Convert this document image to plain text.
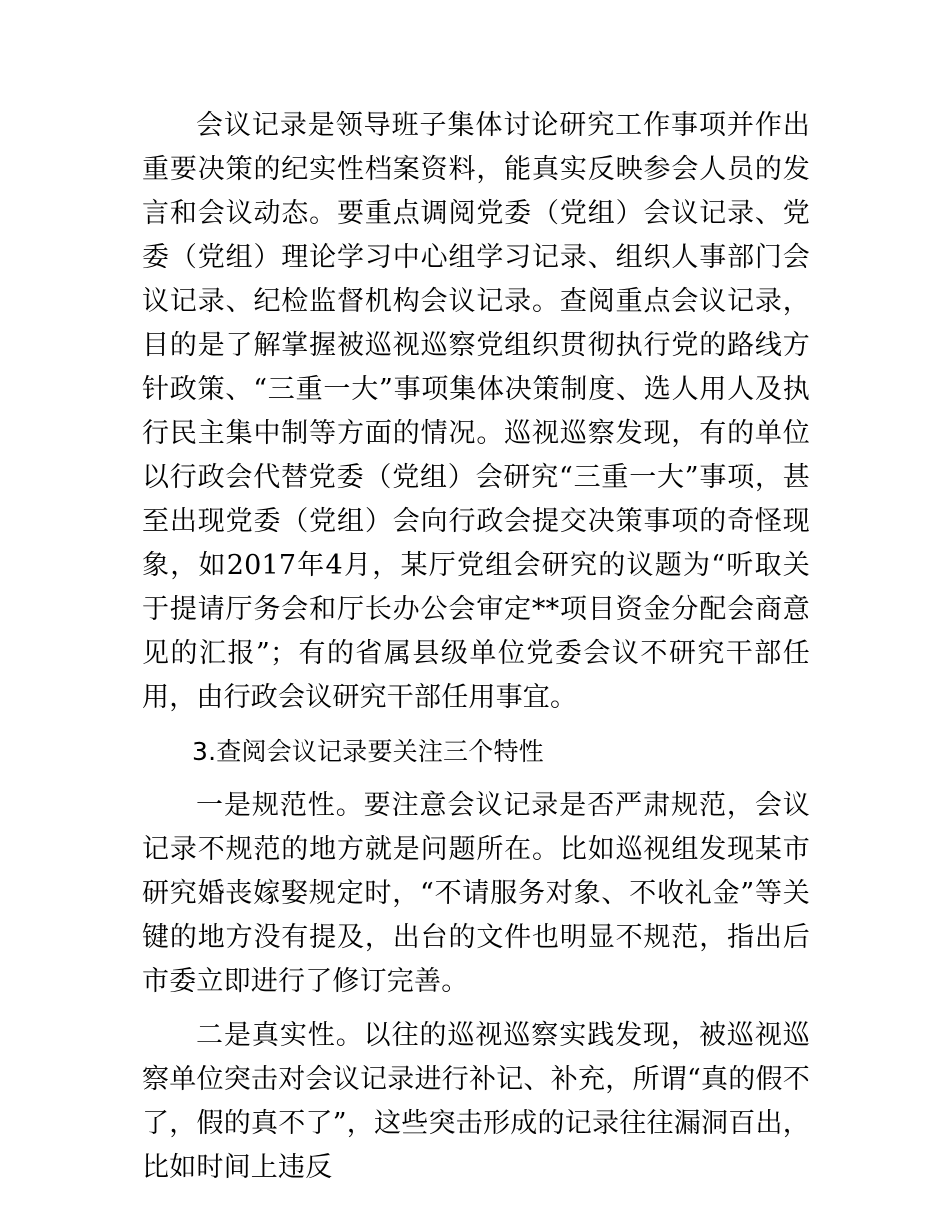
会议记录是领导班子集体讨论研究工作事项并作出重要决策的纪实性档案资料，能真实反映参会人员的发言和会议动态。要重点调阅党委（党组）会议记录、党委（党组）理论学习中心组学习记录、组织人事部门会议记录、纪检监督机构会议记录。查阅重点会议记录，目的是了解掌握被巡视巡察党组织贯彻执行党的路线方针政策、“三重一大”事项集体决策制度、选人用人及执行民主集中制等方面的情况。巡视巡察发现，有的单位以行政会代替党委（党组）会研究“三重一大”事项，甚至出现党委（党组）会向行政会提交决策事项的奇怪现象，如2017年4月，某厅党组会研究的议题为“听取关于提请厅务会和厅长办公会审定**项目资金分配会商意见的汇报”；有的省属县级单位党委会议不研究干部任用，由行政会议研究干部任用事宜。

3.查阅会议记录要关注三个特性

一是规范性。要注意会议记录是否严肃规范，会议记录不规范的地方就是问题所在。比如巡视组发现某市研究婚丧嫁娶规定时，“不请服务对象、不收礼金”等关键的地方没有提及，出台的文件也明显不规范，指出后市委立即进行了修订完善。

二是真实性。以往的巡视巡察实践发现，被巡视巡察单位突击对会议记录进行补记、补充，所谓“真的假不了，假的真不了”，这些突击形成的记录往往漏洞百出，比如时间上违反
